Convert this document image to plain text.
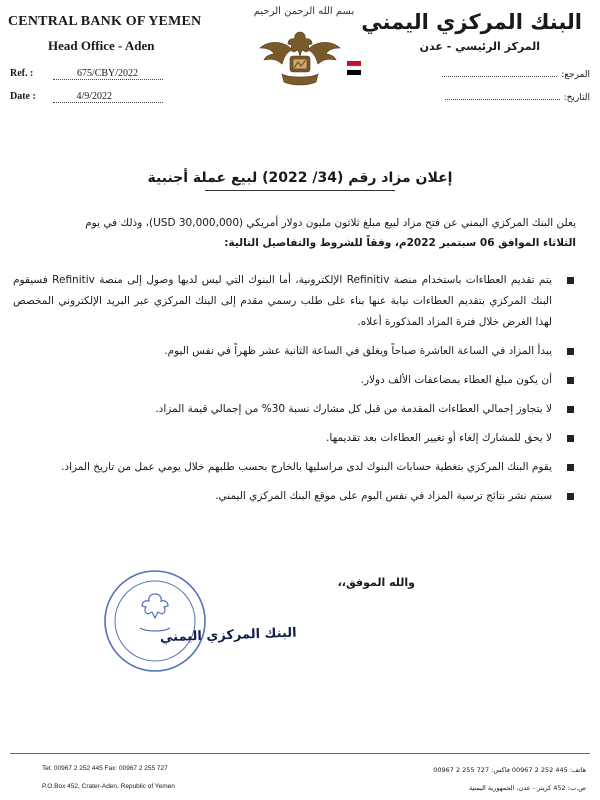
CENTRAL BANK OF YEMEN
Head Office - Aden
Ref. :	675/CBY/2022
Date :	4/9/2022
بسم الله الرحمن الرحيم البنك المركزي اليمني
المركز الرئيسي - عدن
المرجع:
التاريخ:
إعلان مزاد رقم (34/ 2022) لبيع عملة أجنبية
يعلن البنك المركزي اليمني عن فتح مزاد لبيع مبلغ ثلاثون مليون دولار أمريكي (30,000,000 USD)، وذلك في يوم
الثلاثاء الموافق 06 سبتمبر 2022م، وفقاً للشروط والتفاصيل التالية:
يتم تقديم العطاءات باستخدام منصة Refinitiv الإلكترونية، أما البنوك التي ليس لديها وصول إلى منصة Refinitiv فسيقوم البنك المركزي بتقديم العطاءات نيابة عنها بناء على طلب رسمي مقدم إلى البنك المركزي عبر البريد الإلكتروني المخصص لهذا الغرض خلال فترة المزاد المذكورة أعلاه.
يبدأ المزاد في الساعة العاشرة صباحاً ويغلق في الساعة الثانية عشر ظهراً في نفس اليوم.
أن يكون مبلغ العطاء بمضاعفات الألف دولار.
لا يتجاوز إجمالي العطاءات المقدمة من قبل كل مشارك نسبة 30% من إجمالي قيمة المزاد.
لا يحق للمشارك إلغاء أو تغيير العطاءات بعد تقديمها.
يقوم البنك المركزي بتغطية حسابات البنوك لدى مراسليها بالخارج بحسب طلبهم خلال يومي عمل من تاريخ المزاد.
سيتم نشر نتائج ترسية المزاد في نفس اليوم على موقع البنك المركزي اليمني.
والله الموفق،،
البنك المركزي اليمني
Tel: 00967 2 252 445 Fax: 00967 2 255 727
P.O.Box 452, Crater-Aden, Republic of Yemen
هاتف: 445 252 2 00967 فاكس: 727 255 2 00967
ص.ب: 452 كريتر - عدن، الجمهورية اليمنية
